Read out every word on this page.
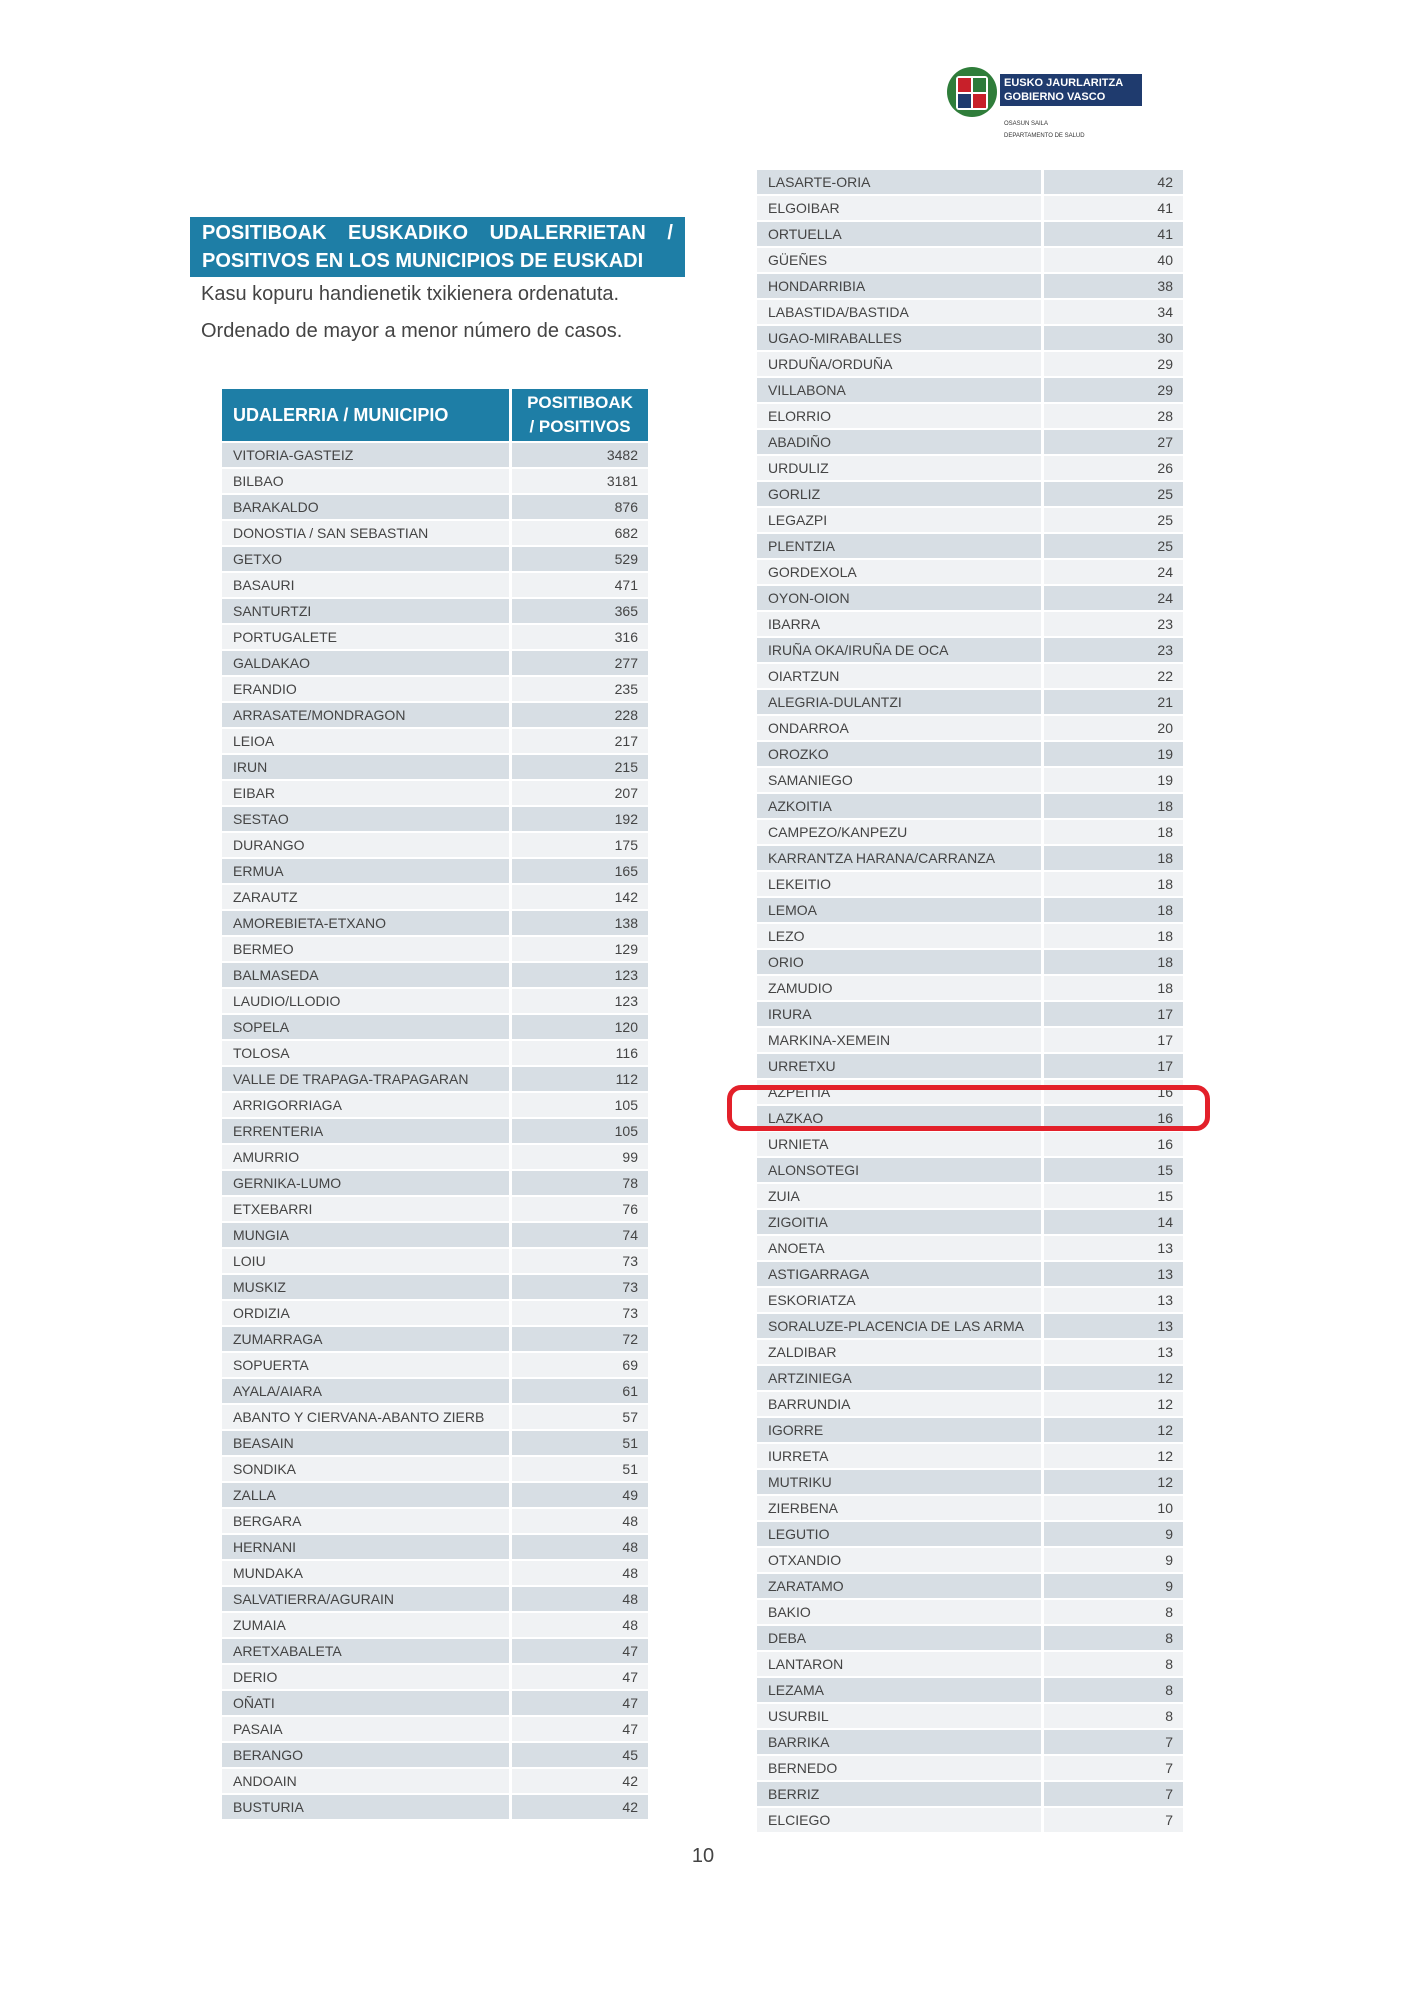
EUSKO JAURLARITZA
GOBIERNO VASCO
OSASUN SAILA
DEPARTAMENTO DE SALUD
POSITIBOAK EUSKADIKO UDALERRIETAN /
POSITIVOS EN LOS MUNICIPIOS DE EUSKADI
Kasu kopuru handienetik txikienera ordenatuta.
Ordenado de mayor a menor número de casos.
UDALERRIA / MUNICIPIO	POSITIBOAK
/ POSITIVOS

VITORIA-GASTEIZ	3482
BILBAO	3181
BARAKALDO	876
DONOSTIA / SAN SEBASTIAN	682
GETXO	529
BASAURI	471
SANTURTZI	365
PORTUGALETE	316
GALDAKAO	277
ERANDIO	235
ARRASATE/MONDRAGON	228
LEIOA	217
IRUN	215
EIBAR	207
SESTAO	192
DURANGO	175
ERMUA	165
ZARAUTZ	142
AMOREBIETA-ETXANO	138
BERMEO	129
BALMASEDA	123
LAUDIO/LLODIO	123
SOPELA	120
TOLOSA	116
VALLE DE TRAPAGA-TRAPAGARAN	112
ARRIGORRIAGA	105
ERRENTERIA	105
AMURRIO	99
GERNIKA-LUMO	78
ETXEBARRI	76
MUNGIA	74
LOIU	73
MUSKIZ	73
ORDIZIA	73
ZUMARRAGA	72
SOPUERTA	69
AYALA/AIARA	61
ABANTO Y CIERVANA-ABANTO ZIERB	57
BEASAIN	51
SONDIKA	51
ZALLA	49
BERGARA	48
HERNANI	48
MUNDAKA	48
SALVATIERRA/AGURAIN	48
ZUMAIA	48
ARETXABALETA	47
DERIO	47
OÑATI	47
PASAIA	47
BERANGO	45
ANDOAIN	42
BUSTURIA	42
LASARTE-ORIA	42
ELGOIBAR	41
ORTUELLA	41
GÜEÑES	40
HONDARRIBIA	38
LABASTIDA/BASTIDA	34
UGAO-MIRABALLES	30
URDUÑA/ORDUÑA	29
VILLABONA	29
ELORRIO	28
ABADIÑO	27
URDULIZ	26
GORLIZ	25
LEGAZPI	25
PLENTZIA	25
GORDEXOLA	24
OYON-OION	24
IBARRA	23
IRUÑA OKA/IRUÑA DE OCA	23
OIARTZUN	22
ALEGRIA-DULANTZI	21
ONDARROA	20
OROZKO	19
SAMANIEGO	19
AZKOITIA	18
CAMPEZO/KANPEZU	18
KARRANTZA HARANA/CARRANZA	18
LEKEITIO	18
LEMOA	18
LEZO	18
ORIO	18
ZAMUDIO	18
IRURA	17
MARKINA-XEMEIN	17
URRETXU	17
AZPEITIA	16
LAZKAO	16
URNIETA	16
ALONSOTEGI	15
ZUIA	15
ZIGOITIA	14
ANOETA	13
ASTIGARRAGA	13
ESKORIATZA	13
SORALUZE-PLACENCIA DE LAS ARMA	13
ZALDIBAR	13
ARTZINIEGA	12
BARRUNDIA	12
IGORRE	12
IURRETA	12
MUTRIKU	12
ZIERBENA	10
LEGUTIO	9
OTXANDIO	9
ZARATAMO	9
BAKIO	8
DEBA	8
LANTARON	8
LEZAMA	8
USURBIL	8
BARRIKA	7
BERNEDO	7
BERRIZ	7
ELCIEGO	7
10
